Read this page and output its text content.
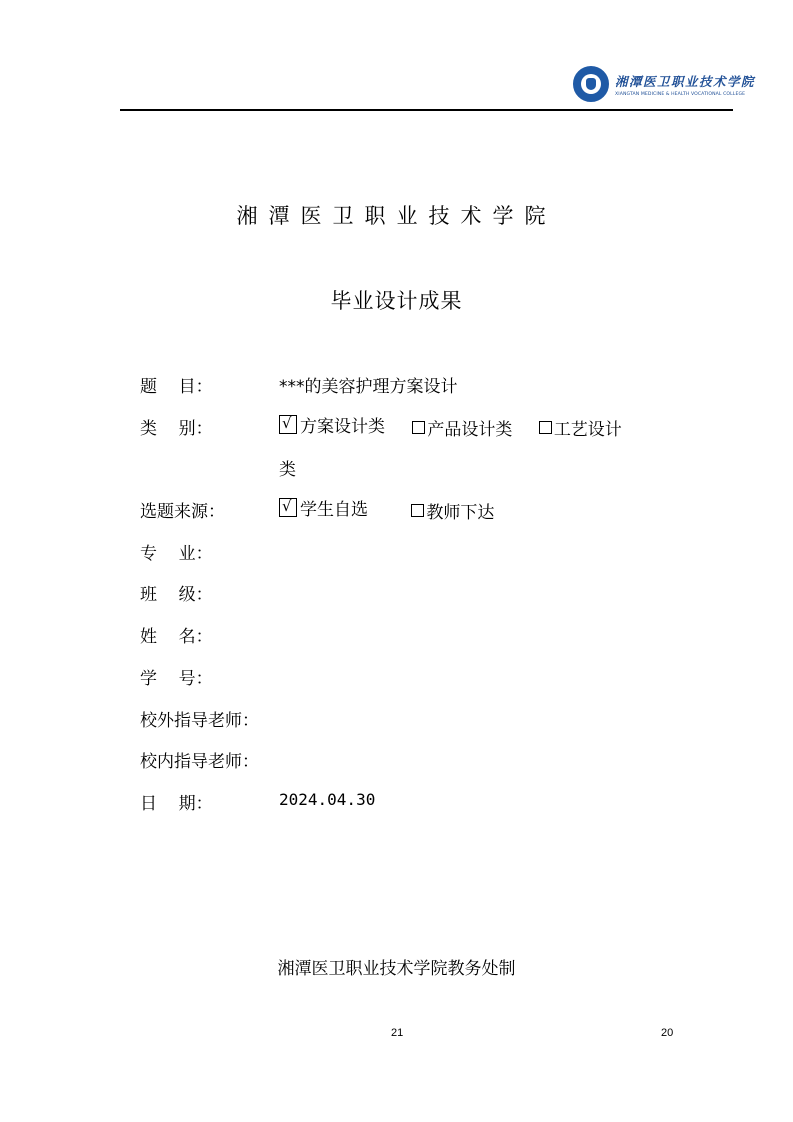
湘潭医卫职业技术学院
XIANGTAN MEDICINE & HEALTH VOCATIONAL COLLEGE
湘潭医卫职业技术学院
毕业设计成果
题    目：	***的美容护理方案设计
类    别：	√ 方案设计类
产品设计类
工艺设计
类
选题来源：	√ 学生自选
	教师下达
专    业：
班    级：
姓    名：
学    号：
校外指导老师：
校内指导老师：
日    期：	2024.04.30
湘潭医卫职业技术学院教务处制
21	20
